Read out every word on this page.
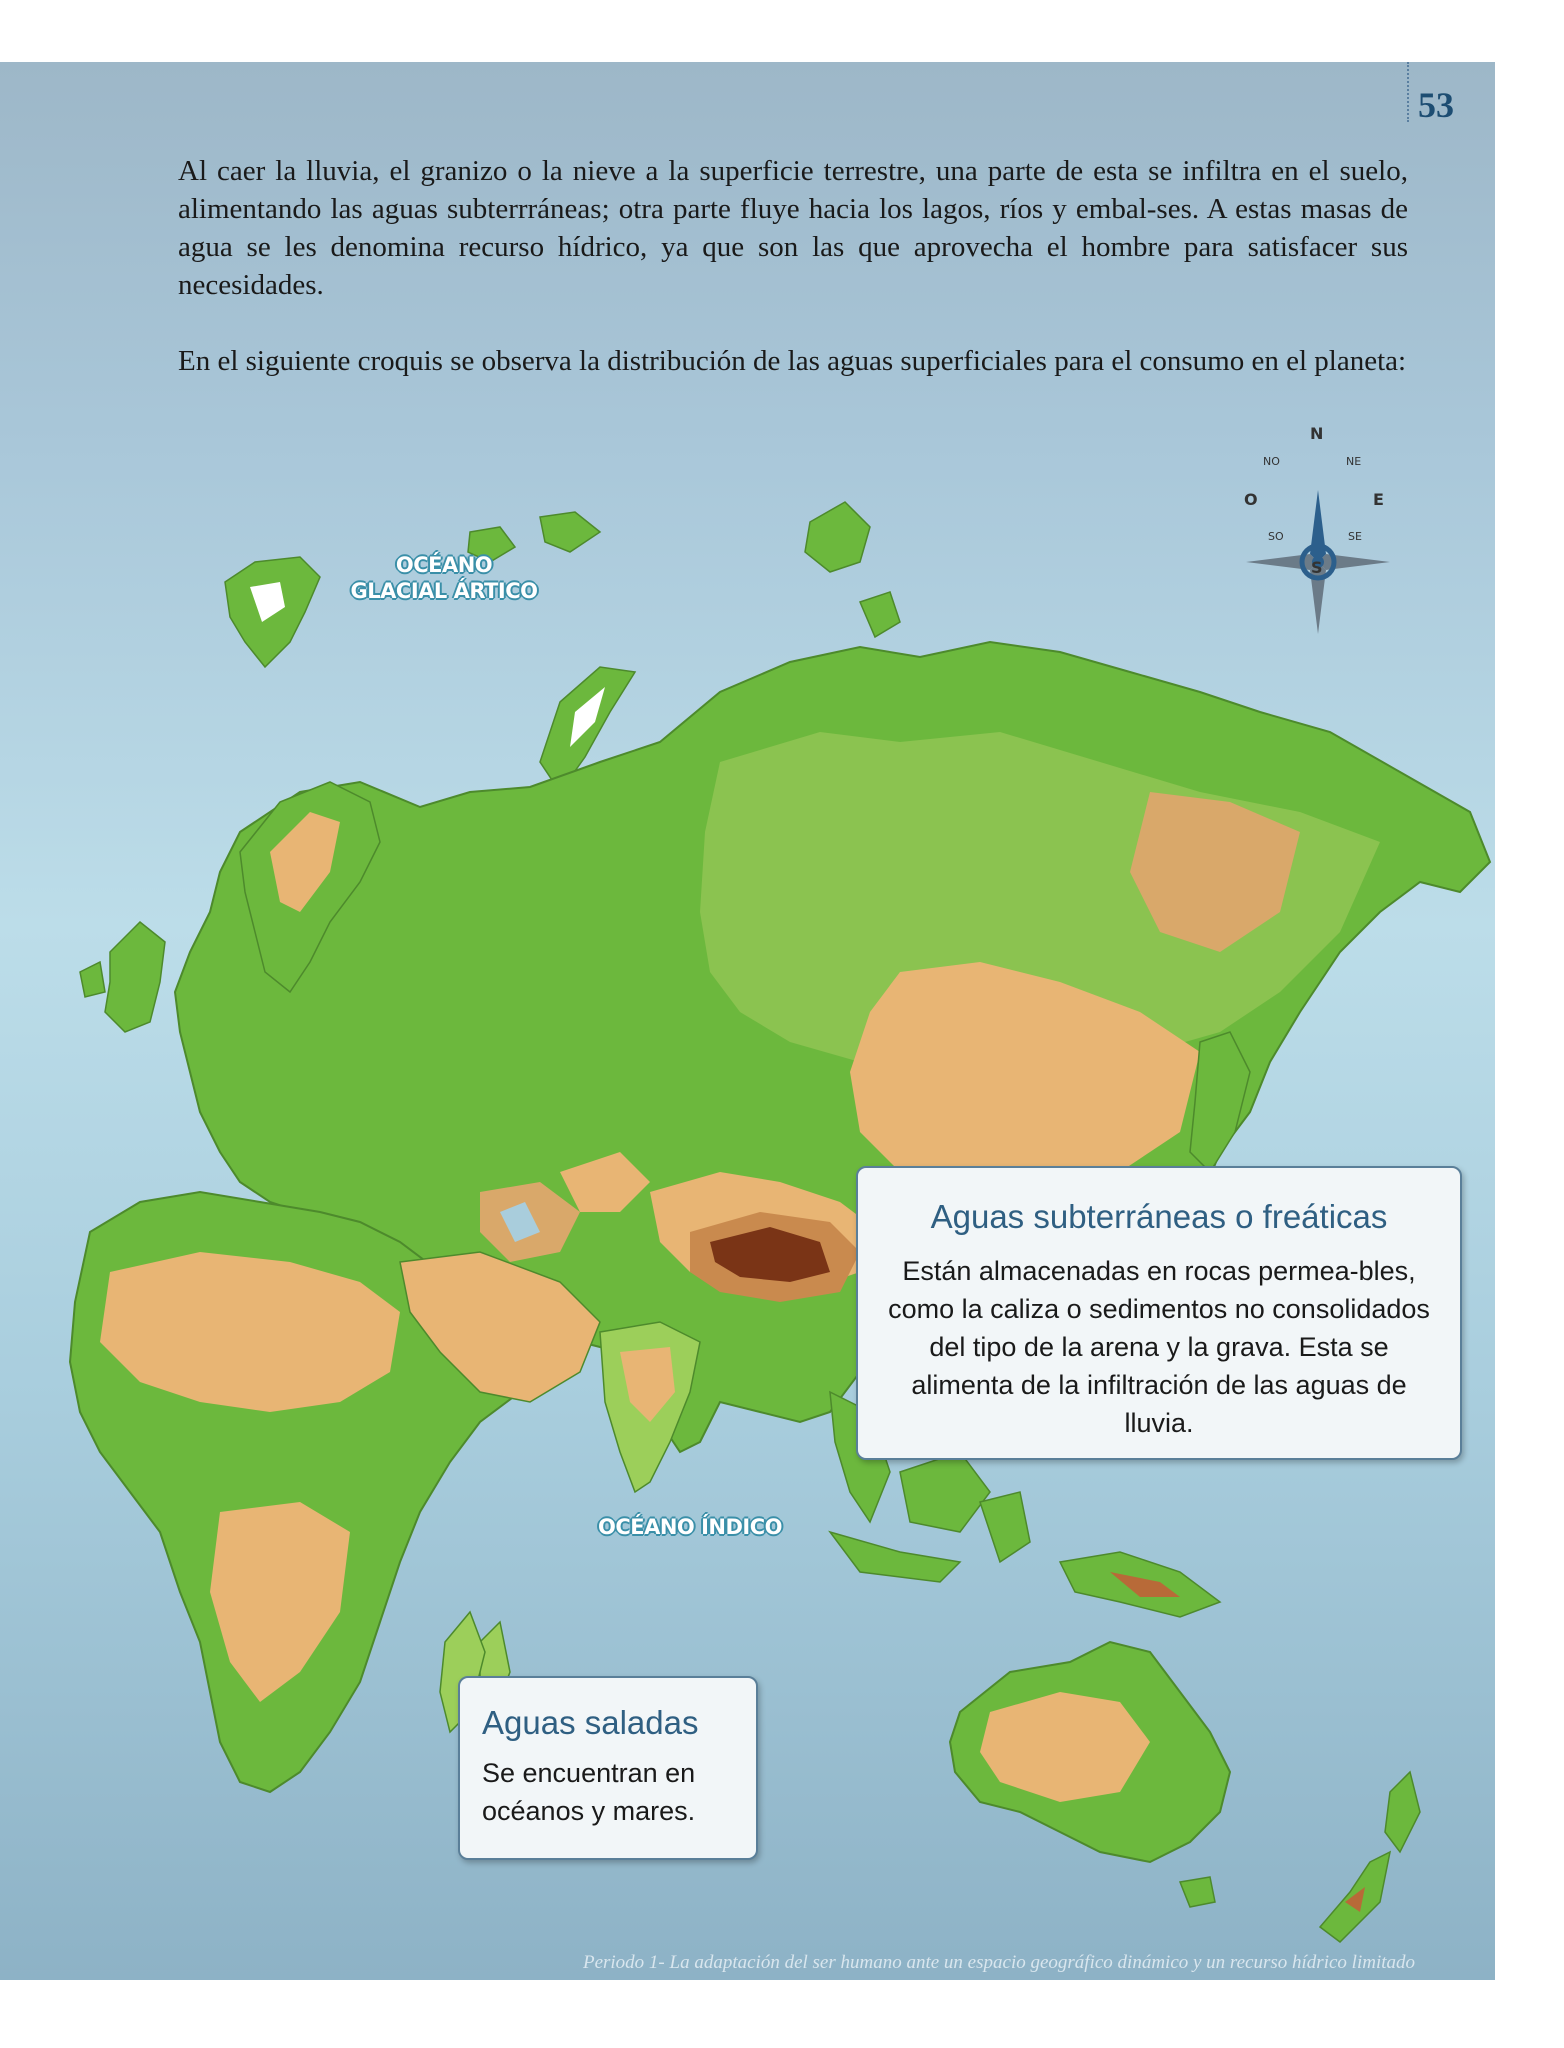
53

Al caer la lluvia, el granizo o la nieve a la superficie terrestre, una parte de esta se infiltra en el suelo, alimentando las aguas subterrráneas; otra parte fluye hacia los lagos, ríos y embal-ses. A estas masas de agua se les denomina recurso hídrico, ya que son las que aprovecha el hombre para satisfacer sus necesidades.

En el siguiente croquis se observa la distribución de las aguas superficiales para el consumo en el planeta:

N
S
O	E
NO	NE
SO	SE
OCÉANO
GLACIAL ÁRTICO
OCÉANO ÍNDICO

Aguas subterráneas o freáticas

Están almacenadas en rocas permea-bles, como la caliza o sedimentos no consolidados del tipo de la arena y la grava. Esta se alimenta de la infiltración de las aguas de lluvia.

Aguas saladas

Se encuentran en océanos y mares.

Periodo 1- La adaptación del ser humano ante un espacio geográfico dinámico y un recurso hídrico limitado
